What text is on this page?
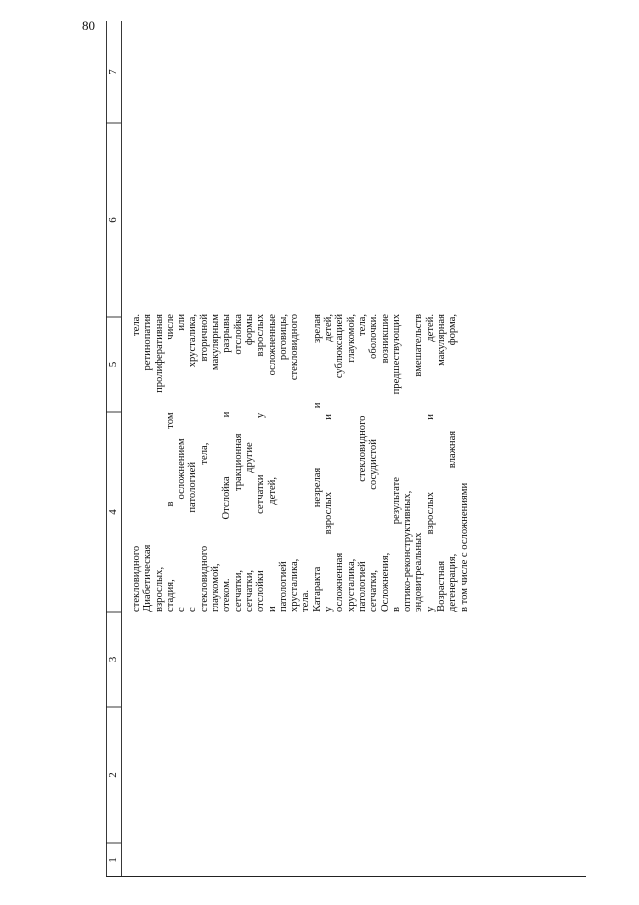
80
1
2
3
4
5
6
7
стекловидного тела. Диабетическая ретинопатия взрослых, пролиферативная стадия, в том числе с осложнением или с патологией хрусталика, стекловидного тела, вторичной глаукомой, макулярным отеком. Отслойка и разрывы сетчатки, тракционная отслойка сетчатки, другие формы отслойки сетчатки у взрослых и детей, осложненные патологией роговицы, хрусталика, стекловидного тела. Катаракта незрелая и зрелая у взрослых и детей, осложненная сублюксацией хрусталика, глаукомой, патологией стекловидного тела, сетчатки, сосудистой оболочки. Осложнения, возникшие в результате предшествующих оптико-реконструктивных, эндовитреальных вмешательств у взрослых и детей. Возрастная макулярная дегенерация, влажная форма, в том числе с осложнениями
